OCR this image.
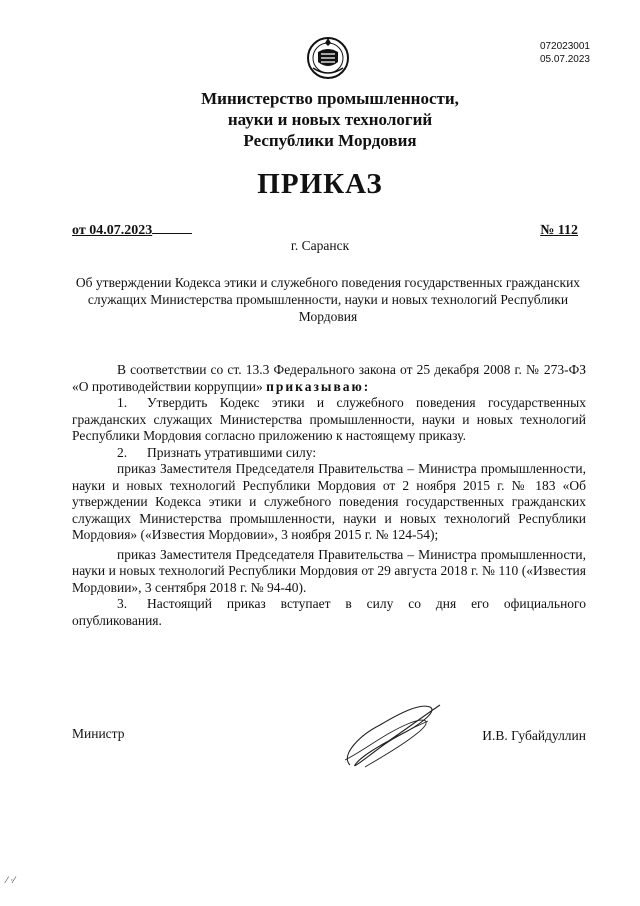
072023001
05.07.2023
Министерство промышленности,
науки и новых технологий
Республики Мордовия
ПРИКАЗ
от 04.07.2023	№ 112
г. Саранск
Об утверждении Кодекса этики и служебного поведения государственных гражданских служащих Министерства промышленности, науки и новых технологий Республики Мордовия

В соответствии со ст. 13.3 Федерального закона от 25 декабря 2008 г. № 273-ФЗ «О противодействии коррупции» приказываю:

1. Утвердить Кодекс этики и служебного поведения государственных гражданских служащих Министерства промышленности, науки и новых технологий Республики Мордовия согласно приложению к настоящему приказу.

2. Признать утратившими силу:

приказ Заместителя Председателя Правительства – Министра промышленности, науки и новых технологий Республики Мордовия от 2 ноября 2015 г. № 183 «Об утверждении Кодекса этики и служебного поведения государственных гражданских служащих Министерства промышленности, науки и новых технологий Республики Мордовия» («Известия Мордовии», 3 ноября 2015 г. № 124-54);

приказ Заместителя Председателя Правительства – Министра промышленности, науки и новых технологий Республики Мордовия от 29 августа 2018 г. № 110 («Известия Мордовии», 3 сентября 2018 г. № 94-40).

3. Настоящий приказ вступает в силу со дня его официального опубликования.

Министр	И.В. Губайдуллин
⁄ ·⁄
